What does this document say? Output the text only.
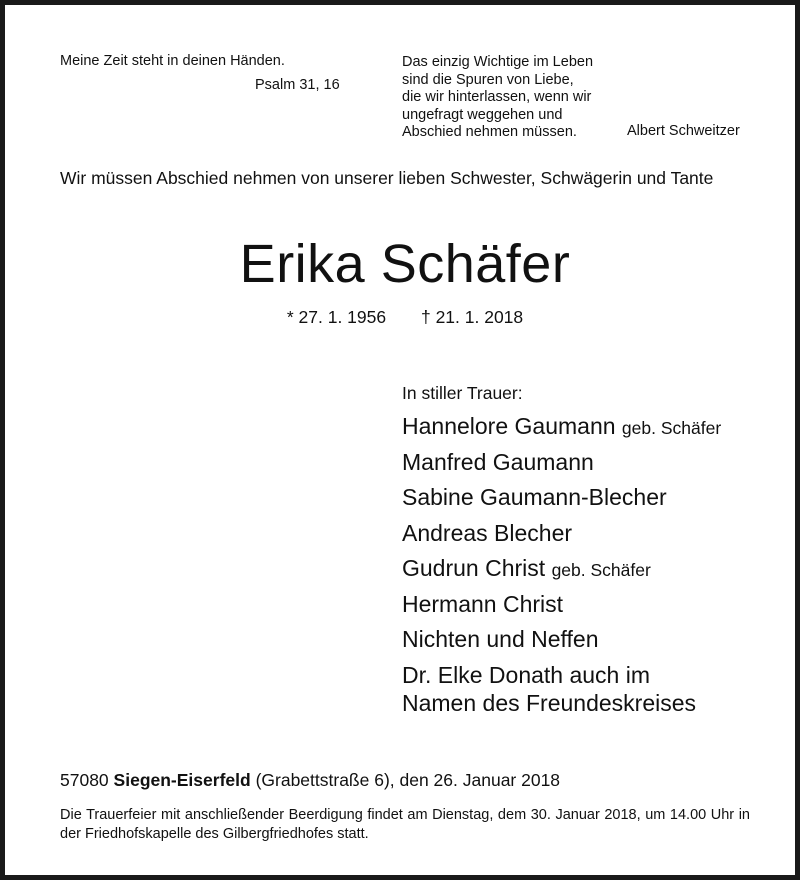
Meine Zeit steht in deinen Händen.
Psalm 31, 16
Das einzig Wichtige im Leben
sind die Spuren von Liebe,
die wir hinterlassen, wenn wir
ungefragt weggehen und
Abschied nehmen müssen.	Albert Schweitzer
Wir müssen Abschied nehmen von unserer lieben Schwester, Schwägerin und Tante
Erika Schäfer
* 27. 1. 1956 † 21. 1. 2018
In stiller Trauer:
Hannelore Gaumann geb. Schäfer
Manfred Gaumann
Sabine Gaumann-Blecher
Andreas Blecher
Gudrun Christ geb. Schäfer
Hermann Christ
Nichten und Neffen
Dr. Elke Donath auch im
Namen des Freundeskreises
57080 Siegen-Eiserfeld (Grabettstraße 6), den 26. Januar 2018
Die Trauerfeier mit anschließender Beerdigung findet am Dienstag, dem 30. Januar 2018, um 14.00 Uhr in der Friedhofskapelle des Gilbergfriedhofes statt.
